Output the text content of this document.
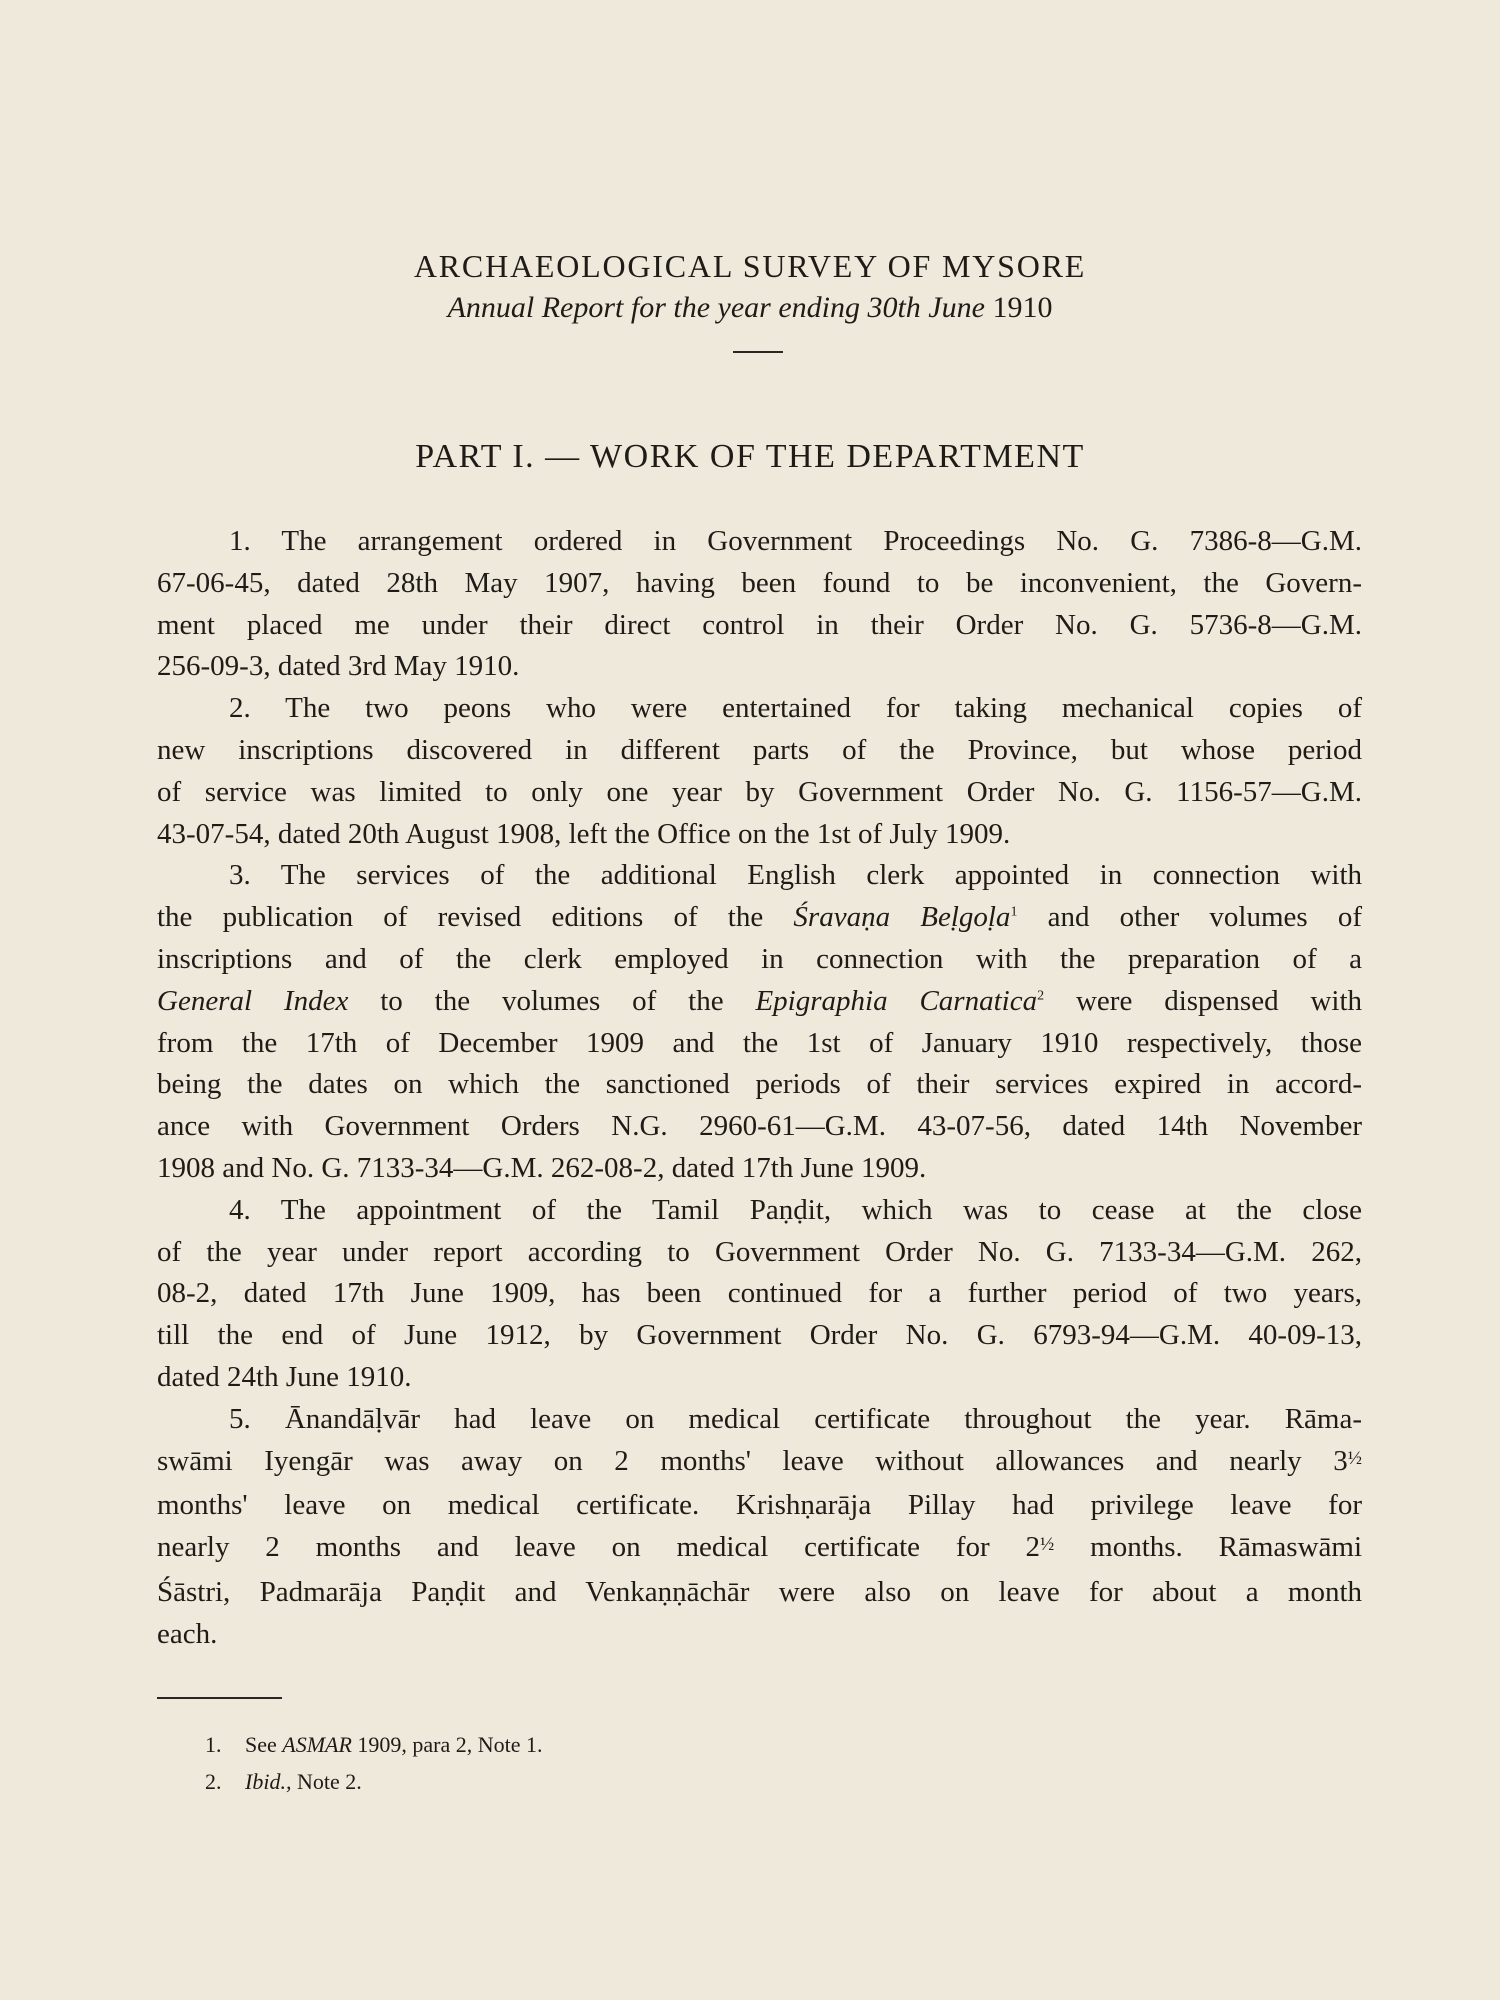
ARCHAEOLOGICAL SURVEY OF MYSORE
Annual Report for the year ending 30th June 1910
PART I. — WORK OF THE DEPARTMENT
1. The arrangement ordered in Government Proceedings No. G. 7386-8—G.M.
67-06-45, dated 28th May 1907, having been found to be inconvenient, the Govern-
ment placed me under their direct control in their Order No. G. 5736-8—G.M.
256-09-3, dated 3rd May 1910.
2. The two peons who were entertained for taking mechanical copies of
new inscriptions discovered in different parts of the Province, but whose period
of service was limited to only one year by Government Order No. G. 1156-57—G.M.
43-07-54, dated 20th August 1908, left the Office on the 1st of July 1909.
3. The services of the additional English clerk appointed in connection with
the publication of revised editions of the Śravaṇa Beḷgoḷa$^1$ and other volumes of
inscriptions and of the clerk employed in connection with the preparation of a
General Index to the volumes of the Epigraphia Carnatica$^2$ were dispensed with
from the 17th of December 1909 and the 1st of January 1910 respectively, those
being the dates on which the sanctioned periods of their services expired in accord-
ance with Government Orders N.G. 2960-61—G.M. 43-07-56, dated 14th November
1908 and No. G. 7133-34—G.M. 262-08-2, dated 17th June 1909.
4. The appointment of the Tamil Paṇḍit, which was to cease at the close
of the year under report according to Government Order No. G. 7133-34—G.M. 262,
08-2, dated 17th June 1909, has been continued for a further period of two years,
till the end of June 1912, by Government Order No. G. 6793-94—G.M. 40-09-13,
dated 24th June 1910.
5. Ānandāḷvār had leave on medical certificate throughout the year. Rāma-
swāmi Iyengār was away on 2 months' leave without allowances and nearly $3^{\frac{1}{2}}$
months' leave on medical certificate. Krishṇarāja Pillay had privilege leave for
nearly 2 months and leave on medical certificate for $2^{\frac{1}{2}}$ months. Rāmaswāmi
Śāstri, Padmarāja Paṇḍit and Venkaṇṇāchār were also on leave for about a month
each.
1. See ASMAR 1909, para 2, Note 1.
2. Ibid., Note 2.
